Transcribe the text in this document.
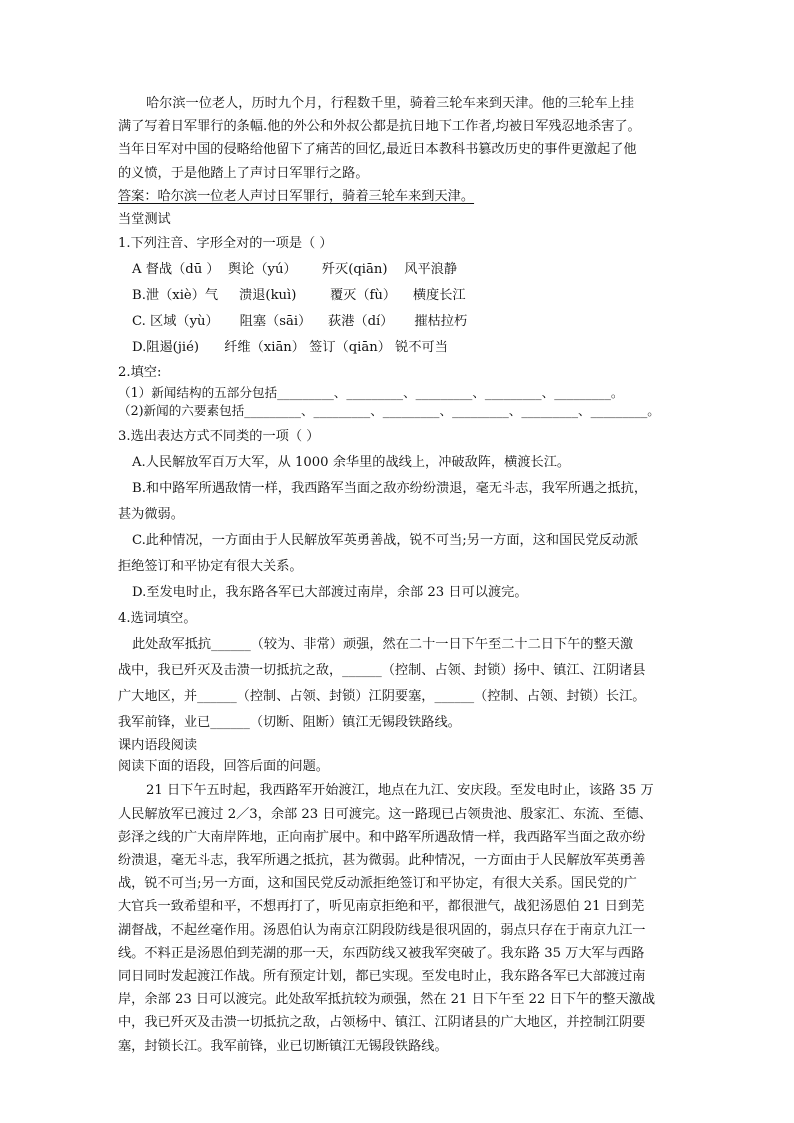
哈尔滨一位老人，历时九个月，行程数千里，骑着三轮车来到天津。他的三轮车上挂
满了写着日军罪行的条幅.他的外公和外叔公都是抗日地下工作者,均被日军残忍地杀害了。
当年日军对中国的侵略给他留下了痛苦的回忆,最近日本教科书篡改历史的事件更激起了他
的义愤，于是他踏上了声讨日军罪行之路。
答案：哈尔滨一位老人声讨日军罪行，骑着三轮车来到天津。
当堂测试
1.下列注音、字形全对的一项是（ ）
A 督战（dū ）  舆论（yú）      歼灭(qiān)    风平浪静
B.泄（xiè）气     溃退(kuì)        覆灭（fù）    横度长江
C. 区域（yù）     阻塞（sāi）    荻港（dí）     摧枯拉朽
D.阻遏(jié)      纤维（xiān） 签订（qiān） 锐不可当
2.填空:
（1）新闻结构的五部分包括_________、_________、_________、_________、_________。
（2)新闻的六要素包括_________、_________、_________、_________、_________、_________。
3.选出表达方式不同类的一项（ ）
A.人民解放军百万大军，从 1000 余华里的战线上，冲破敌阵，横渡长江。
B.和中路军所遇敌情一样，我西路军当面之敌亦纷纷溃退，毫无斗志，我军所遇之抵抗，
甚为微弱。
C.此种情况，一方面由于人民解放军英勇善战，锐不可当;另一方面，这和国民党反动派
拒绝签订和平协定有很大关系。
D.至发电时止，我东路各军已大部渡过南岸，余部 23 日可以渡完。
4.选词填空。
此处敌军抵抗______（较为、非常）顽强，然在二十一日下午至二十二日下午的整天激
战中，我已歼灭及击溃一切抵抗之敌，______（控制、占领、封锁）扬中、镇江、江阴诸县
广大地区，并______（控制、占领、封锁）江阴要塞，______（控制、占领、封锁）长江。
我军前锋，业已______（切断、阻断）镇江无锡段铁路线。
课内语段阅读
阅读下面的语段，回答后面的问题。
21 日下午五时起，我西路军开始渡江，地点在九江、安庆段。至发电时止，该路 35 万
人民解放军已渡过 2／3，余部 23 日可渡完。这一路现已占领贵池、殷家汇、东流、至德、
彭泽之线的广大南岸阵地，正向南扩展中。和中路军所遇敌情一样，我西路军当面之敌亦纷
纷溃退，毫无斗志，我军所遇之抵抗，甚为微弱。此种情况，一方面由于人民解放军英勇善
战，锐不可当;另一方面，这和国民党反动派拒绝签订和平协定，有很大关系。国民党的广
大官兵一致希望和平，不想再打了，听见南京拒绝和平，都很泄气，战犯汤恩伯 21 日到芜
湖督战，不起丝毫作用。汤恩伯认为南京江阴段防线是很巩固的，弱点只存在于南京九江一
线。不料正是汤恩伯到芜湖的那一天，东西防线又被我军突破了。我东路 35 万大军与西路
同日同时发起渡江作战。所有预定计划，都已实现。至发电时止，我东路各军已大部渡过南
岸，余部 23 日可以渡完。此处敌军抵抗较为顽强，然在 21 日下午至 22 日下午的整天激战
中，我已歼灭及击溃一切抵抗之敌，占领杨中、镇江、江阴诸县的广大地区，并控制江阴要
塞，封锁长江。我军前锋，业已切断镇江无锡段铁路线。
